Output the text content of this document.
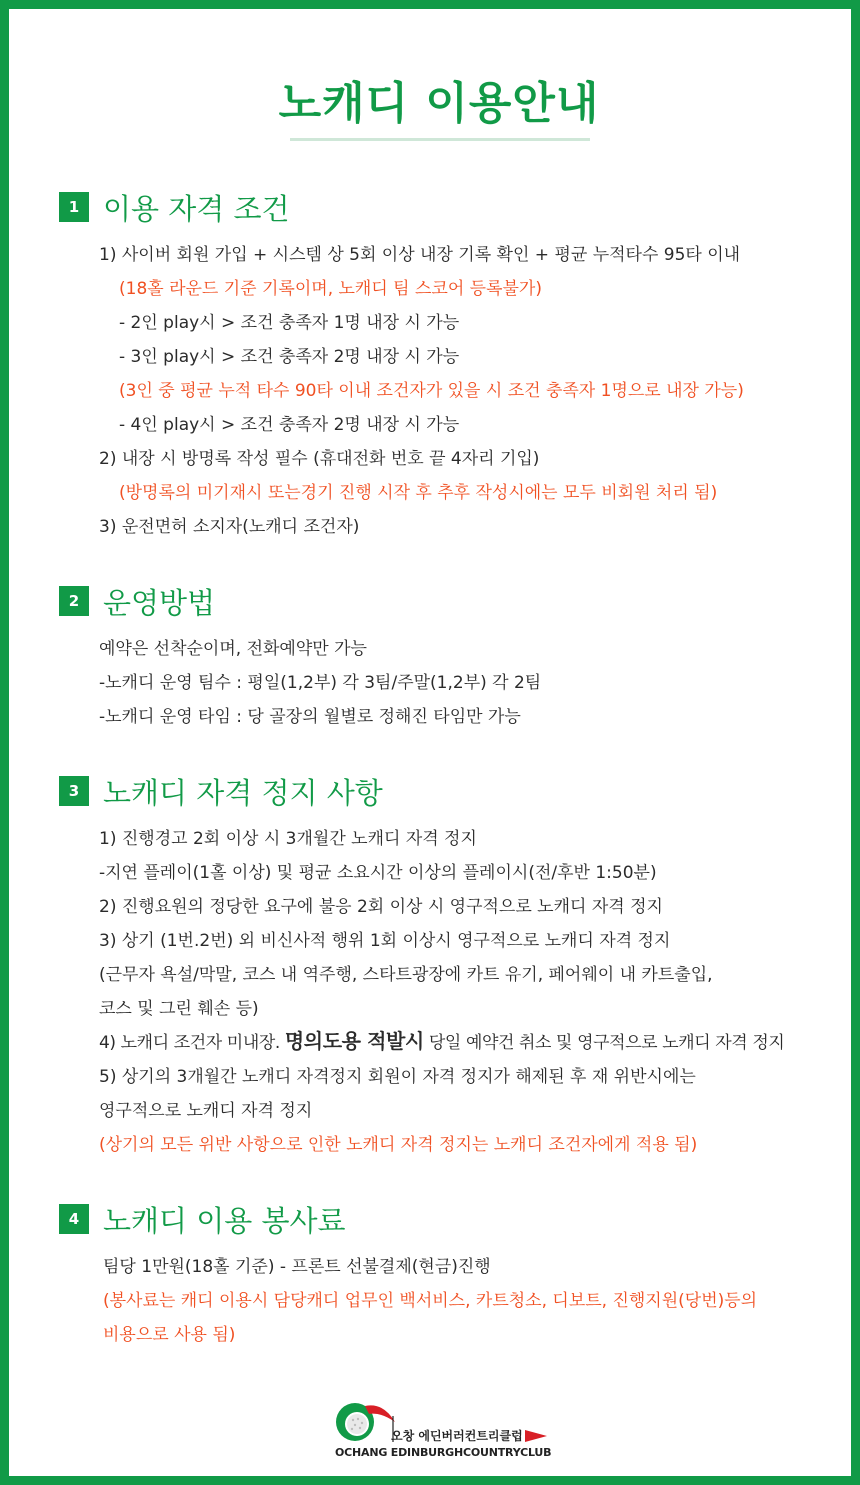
노캐디 이용안내
1 이용 자격 조건
1) 사이버 회원 가입 + 시스템 상 5회 이상 내장 기록 확인 + 평균 누적타수 95타 이내
(18홀 라운드 기준 기록이며, 노캐디 팀 스코어 등록불가)
- 2인 play시 > 조건 충족자 1명 내장 시 가능
- 3인 play시 > 조건 충족자 2명 내장 시 가능
(3인 중 평균 누적 타수 90타 이내 조건자가 있을 시 조건 충족자 1명으로 내장 가능)
- 4인 play시 > 조건 충족자 2명 내장 시 가능
2) 내장 시 방명록 작성 필수 (휴대전화 번호 끝 4자리 기입)
(방명록의 미기재시 또는경기 진행 시작 후 추후 작성시에는 모두 비회원 처리 됨)
3) 운전면허 소지자(노캐디 조건자)
2 운영방법
예약은 선착순이며, 전화예약만 가능
-노캐디 운영 팀수 : 평일(1,2부) 각 3팀/주말(1,2부) 각 2팀
-노캐디 운영 타임 : 당 골장의 월별로 정해진 타임만 가능
3 노캐디 자격 정지 사항
1) 진행경고 2회 이상 시 3개월간 노캐디 자격 정지
-지연 플레이(1홀 이상) 및 평균 소요시간 이상의 플레이시(전/후반 1:50분)
2) 진행요원의 정당한 요구에 불응 2회 이상 시 영구적으로 노캐디 자격 정지
3) 상기 (1번.2번) 외 비신사적 행위 1회 이상시 영구적으로 노캐디 자격 정지
(근무자 욕설/막말, 코스 내 역주행, 스타트광장에 카트 유기, 페어웨이 내 카트출입,
코스 및 그린 훼손 등)
4) 노캐디 조건자 미내장. 명의도용 적발시 당일 예약건 취소 및 영구적으로 노캐디 자격 정지
5) 상기의 3개월간 노캐디 자격정지 회원이 자격 정지가 해제된 후 재 위반시에는
영구적으로 노캐디 자격 정지
(상기의 모든 위반 사항으로 인한 노캐디 자격 정지는 노캐디 조건자에게 적용 됨)
4 노캐디 이용 봉사료
팀당 1만원(18홀 기준) - 프론트 선불결제(현금)진행
(봉사료는 캐디 이용시 담당캐디 업무인 백서비스, 카트청소, 디보트, 진행지원(당번)등의
비용으로 사용 됨)
오창 에딘버러컨트리클럽
OCHANG EDINBURGHCOUNTRYCLUB
